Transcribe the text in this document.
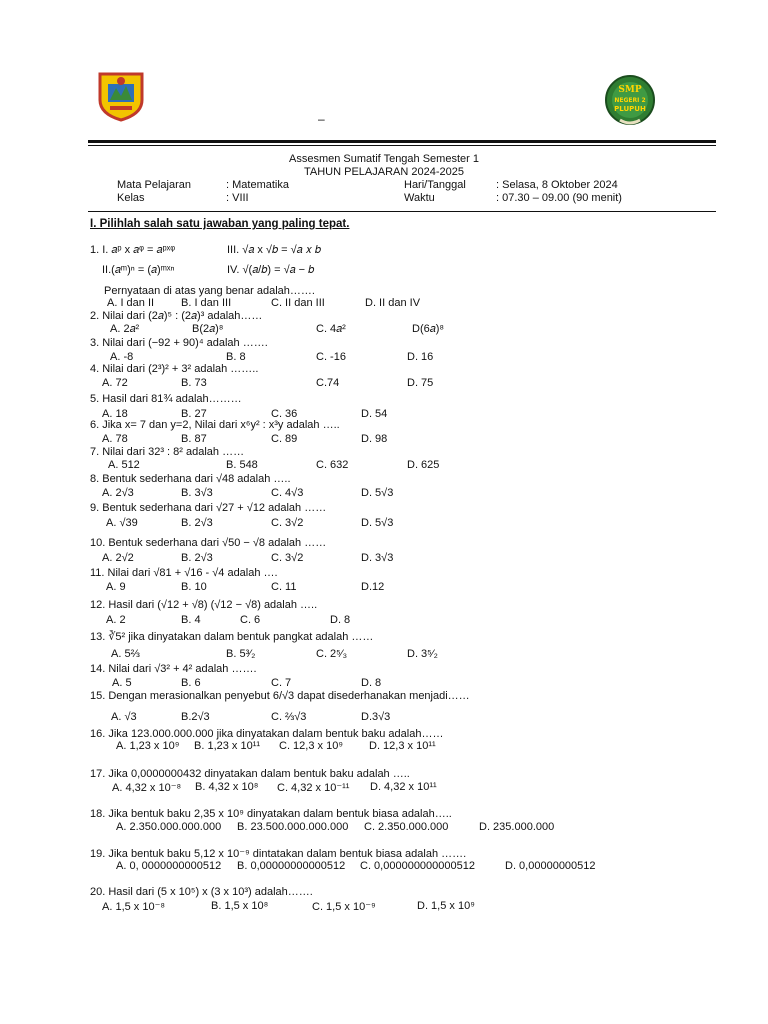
SMP
NEGERI 2
PLUPUH
–
Assesmen Sumatif Tengah Semester 1
TAHUN PELAJARAN 2024-2025
Mata Pelajaran	: Matematika	Hari/Tanggal	: Selasa, 8 Oktober 2024
Kelas	: VIII	Waktu	: 07.30 – 09.00 (90 menit)
I. Pilihlah salah satu jawaban yang paling tepat.
1. I. 𝑎ᵖ x 𝑎ᵠ = 𝑎ᵖˣᵠ	III. √𝑎 x √𝑏 = √𝑎 𝑥 𝑏
II.(𝑎ᵐ)ⁿ = (𝑎)ᵐˣⁿ	IV. √(𝑎/𝑏) = √𝑎 − 𝑏
Pernyataan di atas yang benar adalah…….
A. I dan II B. I dan III	C. II dan III	D. II dan IV
2. Nilai dari (2𝑎)⁵ : (2𝑎)³ adalah……
A. 2𝑎²	B(2𝑎)⁸	C. 4𝑎²	D(6𝑎)⁸
3. Nilai dari (−92 + 90)⁴ adalah …….
A. -8	B. 8	C. -16	D. 16
4. Nilai dari (2³)² + 3² adalah ……..
A. 72	B. 73	C.74	D. 75
5. Hasil dari 81¾ adalah………
A. 18	B. 27	C. 36	D. 54
6. Jika x= 7 dan y=2, Nilai dari x⁶y² : x³y adalah …..
A. 78	B. 87	C. 89	D. 98
7. Nilai dari 32³ : 8² adalah ……
A. 512	B. 548	C. 632	D. 625
8. Bentuk sederhana dari √48 adalah …..
A. 2√3	B. 3√3	C. 4√3	D. 5√3
9. Bentuk sederhana dari √27 + √12 adalah ……
A. √39	B. 2√3	C. 3√2	D. 5√3
10. Bentuk sederhana dari √50 − √8 adalah ……
A. 2√2	B. 2√3	C. 3√2	D. 3√3
11. Nilai dari √81 + √16 - √4 adalah ….
A. 9	B. 10	C. 11	D.12
12. Hasil dari (√12 + √8) (√12 − √8) adalah …..
A. 2	B. 4	C. 6	D. 8
13. ∛5² jika dinyatakan dalam bentuk pangkat adalah ……
A. 5⅔	B. 5³⁄₂	C. 2⁵⁄₃	D. 3⁵⁄₂
14. Nilai dari √3² + 4² adalah …….
A. 5	B. 6	C. 7	D. 8
15. Dengan merasionalkan penyebut 6/√3 dapat disederhanakan menjadi……
A. √3	B.2√3	C. ⅔√3	D.3√3
16. Jika 123.000.000.000 jika dinyatakan dalam bentuk baku adalah……
A. 1,23 x 10⁹ B. 1,23 x 10¹¹ C. 12,3 x 10⁹ D. 12,3 x 10¹¹
17. Jika 0,0000000432 dinyatakan dalam bentuk baku adalah …..
A. 4,32 x 10⁻⁸ B. 4,32 x 10⁸ C. 4,32 x 10⁻¹¹ D. 4,32 x 10¹¹
18. Jika bentuk baku 2,35 x 10⁹ dinyatakan dalam bentuk biasa adalah…..
A. 2.350.000.000.000 B. 23.500.000.000.000 C. 2.350.000.000	D. 235.000.000
19. Jika bentuk baku 5,12 x 10⁻⁹ dintatakan dalam bentuk biasa adalah …….
A. 0, 0000000000512 B. 0,00000000000512 C. 0,000000000000512	D. 0,00000000512
20. Hasil dari (5 x 10⁵) x (3 x 10³) adalah…….
A. 1,5 x 10⁻⁸	B. 1,5 x 10⁸	C. 1,5 x 10⁻⁹	D. 1,5 x 10⁹
